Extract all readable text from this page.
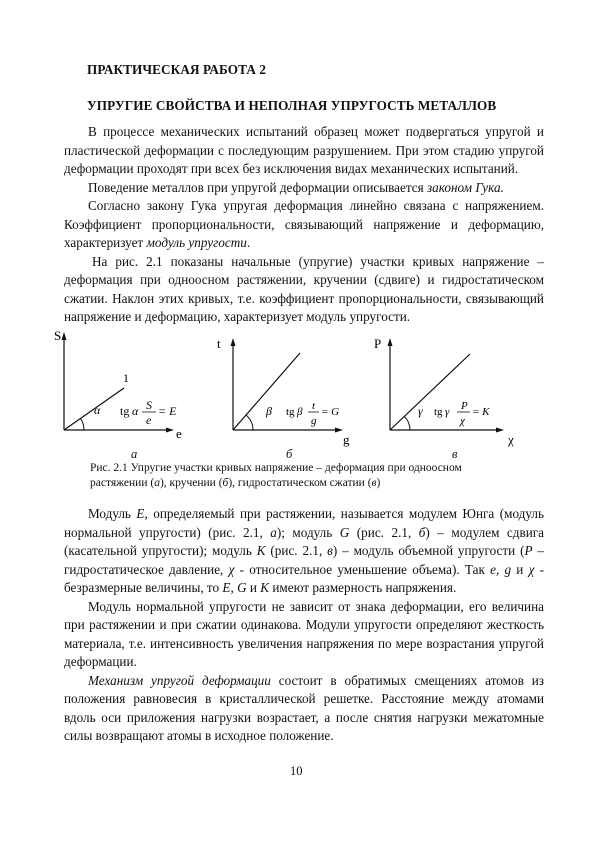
ПРАКТИЧЕСКАЯ РАБОТА 2
УПРУГИЕ СВОЙСТВА И НЕПОЛНАЯ УПРУГОСТЬ МЕТАЛЛОВ

В процессе механических испытаний образец может подвергаться упругой и пластической деформации с последующим разрушением. При этом стадию упругой деформации проходят при всех без исключения видах механических испытаний.

Поведение металлов при упругой деформации описывается законом Гука.

Согласно закону Гука упругая деформация линейно связана с напряжением. Коэффициент пропорциональности, связывающий напряжение и деформацию, характеризует модуль упругости.

На рис. 2.1 показаны начальные (упругие) участки кривых напряжение – деформация при одноосном растяжении, кручении (сдвиге) и гидростатическом сжатии. Наклон этих кривых, т.е. коэффициент пропорциональности, связывающий напряжение и деформацию, характеризует модуль упругости.

S
e
1
α tg α S
e
= E
t
g
β tg β t
g
= G
P
χ
γ tg γ P
χ
= K
а	б	в
Рис. 2.1 Упругие участки кривых напряжение – деформация при одноосном растяжении (а), кручении (б), гидростатическом сжатии (в)

Модуль E, определяемый при растяжении, называется модулем Юнга (модуль нормальной упругости) (рис. 2.1, а); модуль G (рис. 2.1, б) – модулем сдвига (касательной упругости); модуль К (рис. 2.1, в) – модуль объемной упругости (Р – гидростатическое давление, χ - относительное уменьшение объема). Так e, g и χ - безразмерные величины, то E, G и K имеют размерность напряжения.

Модуль нормальной упругости не зависит от знака деформации, его величина при растяжении и при сжатии одинакова. Модули упругости определяют жесткость материала, т.е. интенсивность увеличения напряжения по мере возрастания упругой деформации.

Механизм упругой деформации состоит в обратимых смещениях атомов из положения равновесия в кристаллической решетке. Расстояние между атомами вдоль оси приложения нагрузки возрастает, а после снятия нагрузки межатомные силы возвращают атомы в исходное положение.

10
